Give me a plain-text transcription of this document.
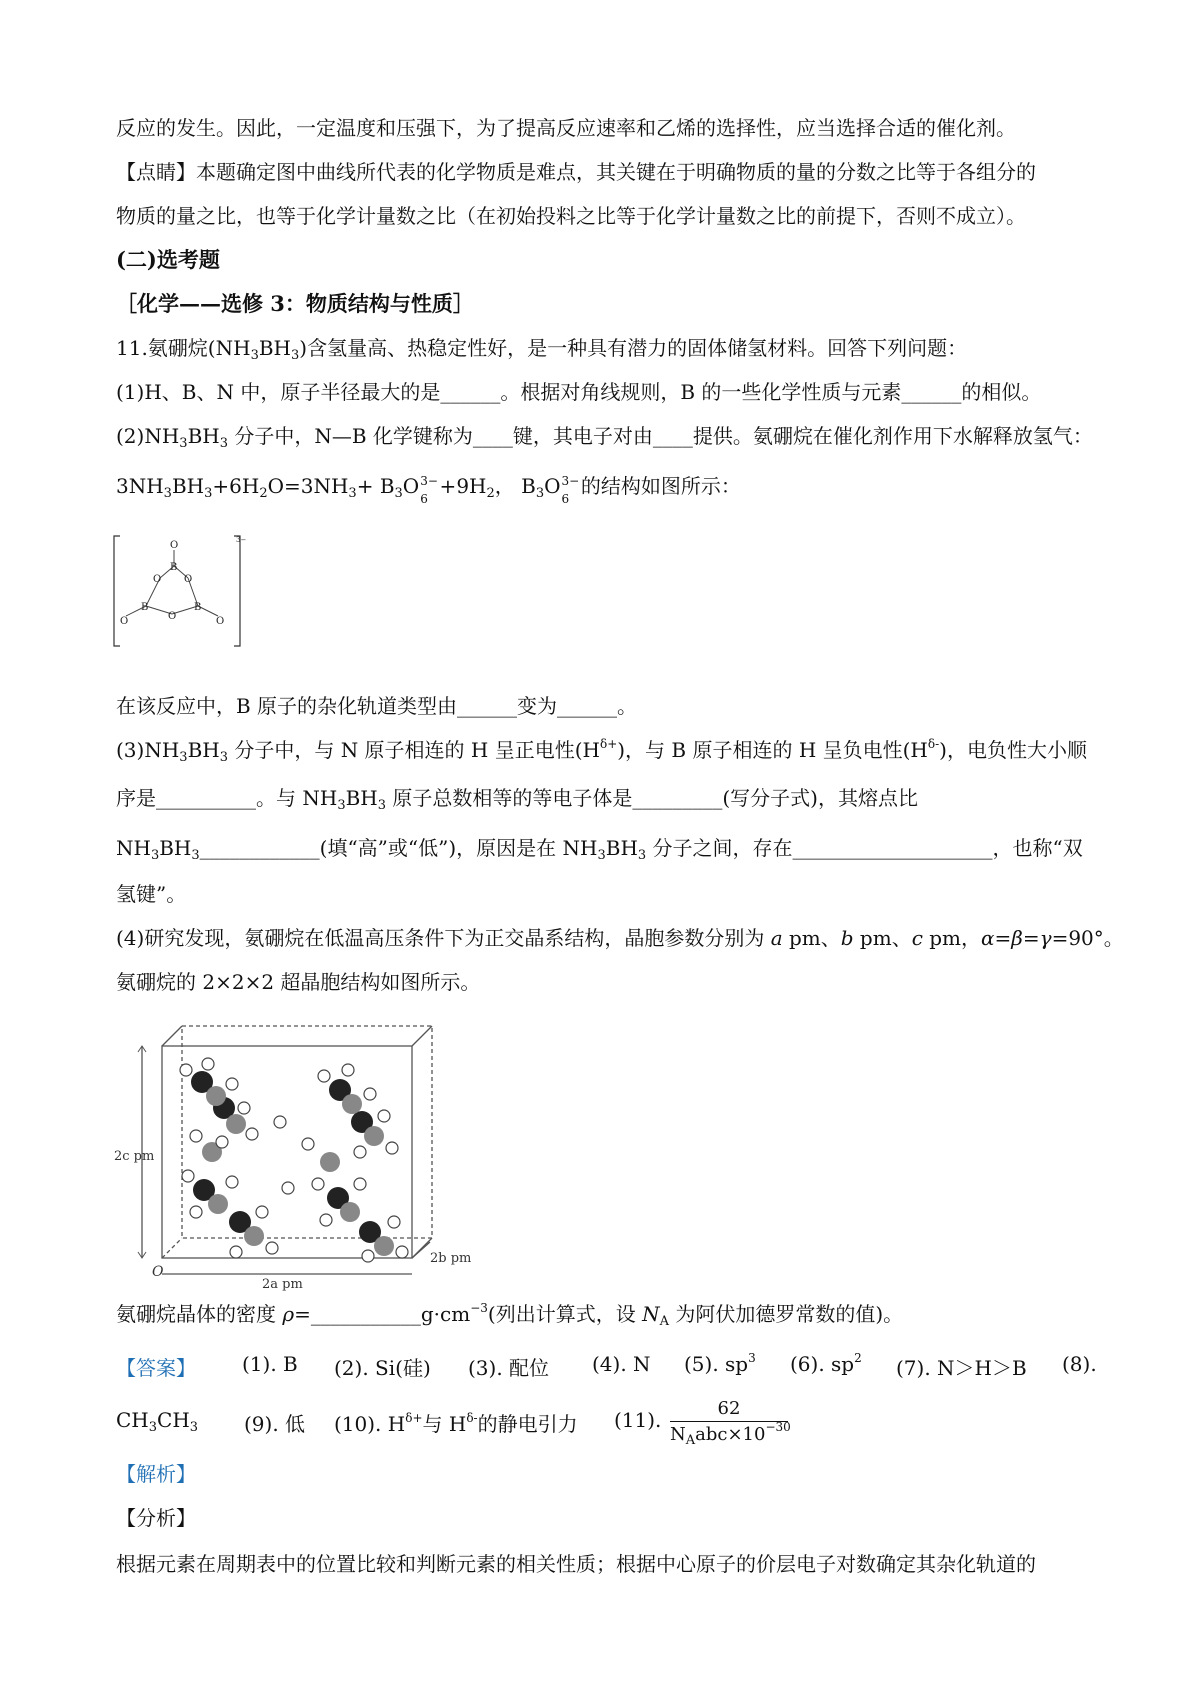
反应的发生。因此，一定温度和压强下，为了提高反应速率和乙烯的选择性，应当选择合适的催化剂。
【点睛】本题确定图中曲线所代表的化学物质是难点，其关键在于明确物质的量的分数之比等于各组分的
物质的量之比，也等于化学计量数之比（在初始投料之比等于化学计量数之比的前提下，否则不成立）。
(二)选考题
［化学——选修 3：物质结构与性质］
11.氨硼烷$(NH_3BH_3)$含氢量高、热稳定性好，是一种具有潜力的固体储氢材料。回答下列问题：
(1)H、B、N 中，原子半径最大的是______。根据对角线规则，B 的一些化学性质与元素______的相似。
$(2)NH_3BH_3$ 分子中，N—B 化学键称为____键，其电子对由____提供。氨硼烷在催化剂作用下水解释放氢气：
$3NH_3BH_3+6H_2O=3NH_3+ B_3O$ 3−
6
$+9H_2$， $B_3O$ 3−
6
的结构如图所示：
3−
O
B
O O
B	B
O
O	O
在该反应中，B 原子的杂化轨道类型由______变为______。
$(3)NH_3BH_3$ 分子中，与 N 原子相连的 H 呈正电性$(H^{\delta+})$，与 B 原子相连的 H 呈负电性$(H^{\delta-})$，电负性大小顺
序是__________。与 $NH_3BH_3$ 原子总数相等的等电子体是_________(写分子式)，其熔点比
$NH_3BH_3\_\_\_\_\_\_\_\_\_\_\_\_$(填“高”或“低”)，原因是在 $NH_3BH_3$ 分子之间，存在____________________，也称“双
氢键”。
(4)研究发现，氨硼烷在低温高压条件下为正交晶系结构，晶胞参数分别为 a pm、b pm、c pm，α=β=γ=90°。
氨硼烷的 2×2×2 超晶胞结构如图所示。
2c pm
2a pm
2b pm
O
氨硼烷晶体的密度 $\rho=\_\_\_\_\_\_\_\_\_\_\_g\cdot cm^{-3}$(列出计算式，设 $N_A$ 为阿伏加德罗常数的值)。
【答案】 (1). B (2). Si(硅) (3). 配位 (4). N (5). $sp^3$ (6). $sp^2$ (7). N＞H＞B (8).
$CH_3CH_3$ (9). 低 (10). $H^{\delta+}$与 $H^{\delta-}$的静电引力 (11).	62
$N_Aabc\times 10^{-30}$
【解析】
【分析】
根据元素在周期表中的位置比较和判断元素的相关性质；根据中心原子的价层电子对数确定其杂化轨道的
